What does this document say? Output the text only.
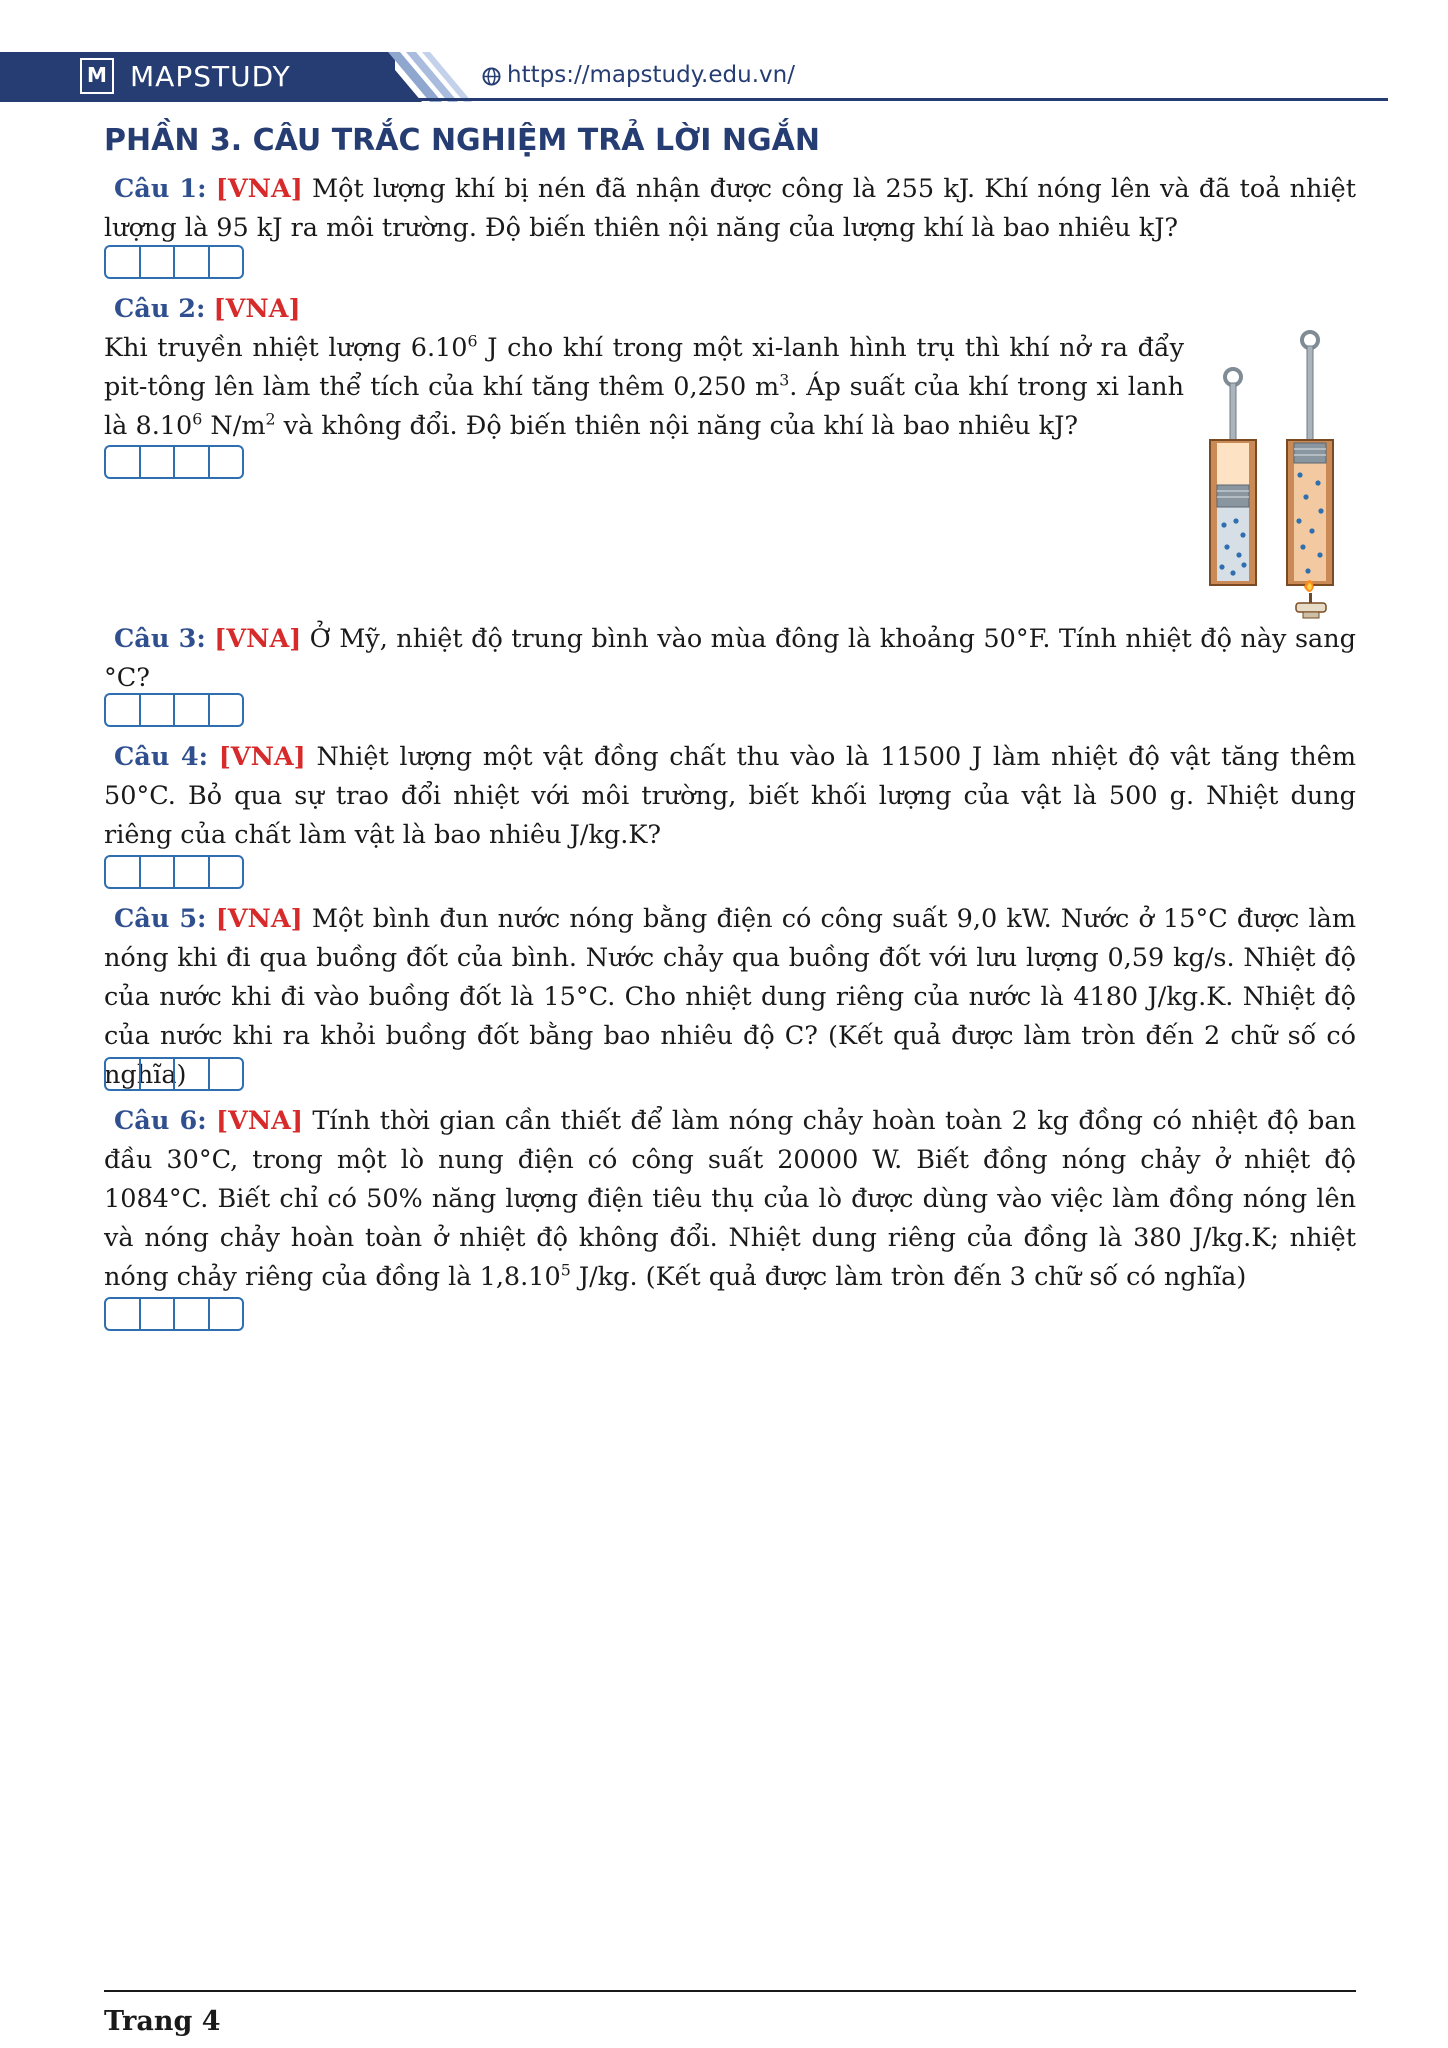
M MAPSTUDY	https://mapstudy.edu.vn/
PHẦN 3. CÂU TRẮC NGHIỆM TRẢ LỜI NGẮN

Câu 1: [VNA] Một lượng khí bị nén đã nhận được công là 255 kJ. Khí nóng lên và đã toả nhiệt lượng là 95 kJ ra môi trường. Độ biến thiên nội năng của lượng khí là bao nhiêu kJ?

Câu 2: [VNA]

Khi truyền nhiệt lượng 6.10$^6$ J cho khí trong một xi-lanh hình trụ thì khí nở ra đẩy pit-tông lên làm thể tích của khí tăng thêm 0,250 $m^3$. Áp suất của khí trong xi lanh là 8.10$^6$ $N/m^2$ và không đổi. Độ biến thiên nội năng của khí là bao nhiêu kJ?

Câu 3: [VNA] Ở Mỹ, nhiệt độ trung bình vào mùa đông là khoảng 50°F. Tính nhiệt độ này sang °C?

Câu 4: [VNA] Nhiệt lượng một vật đồng chất thu vào là 11500 J làm nhiệt độ vật tăng thêm 50°C. Bỏ qua sự trao đổi nhiệt với môi trường, biết khối lượng của vật là 500 g. Nhiệt dung riêng của chất làm vật là bao nhiêu J/kg.K?

Câu 5: [VNA] Một bình đun nước nóng bằng điện có công suất 9,0 kW. Nước ở 15°C được làm nóng khi đi qua buồng đốt của bình. Nước chảy qua buồng đốt với lưu lượng 0,59 kg/s. Nhiệt độ của nước khi đi vào buồng đốt là 15°C. Cho nhiệt dung riêng của nước là 4180 J/kg.K. Nhiệt độ của nước khi ra khỏi buồng đốt bằng bao nhiêu độ C? (Kết quả được làm tròn đến 2 chữ số có nghĩa)

Câu 6: [VNA] Tính thời gian cần thiết để làm nóng chảy hoàn toàn 2 kg đồng có nhiệt độ ban đầu 30°C, trong một lò nung điện có công suất 20000 W. Biết đồng nóng chảy ở nhiệt độ 1084°C. Biết chỉ có 50% năng lượng điện tiêu thụ của lò được dùng vào việc làm đồng nóng lên và nóng chảy hoàn toàn ở nhiệt độ không đổi. Nhiệt dung riêng của đồng là 380 J/kg.K; nhiệt nóng chảy riêng của đồng là 1,8.10$^5$ J/kg. (Kết quả được làm tròn đến 3 chữ số có nghĩa)

Trang 4
